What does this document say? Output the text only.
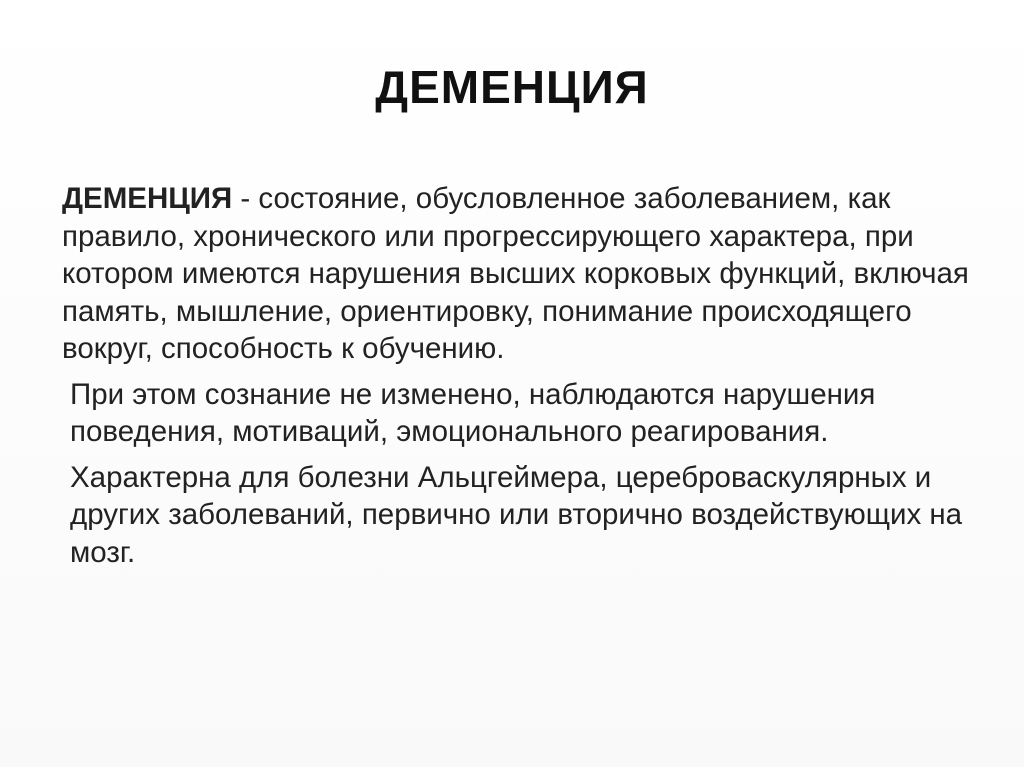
ДЕМЕНЦИЯ

ДЕМЕНЦИЯ - состояние, обусловленное заболеванием, как правило, хронического или прогрессирующего характера, при котором имеются нарушения высших корковых функций, включая память, мышление, ориентировку, понимание происходящего вокруг, способность к обучению.

При этом сознание не изменено, наблюдаются нарушения поведения, мотиваций, эмоционального реагирования.

Характерна для болезни Альцгеймера, цереброваскулярных и других заболеваний, первично или вторично воздействующих на мозг.
